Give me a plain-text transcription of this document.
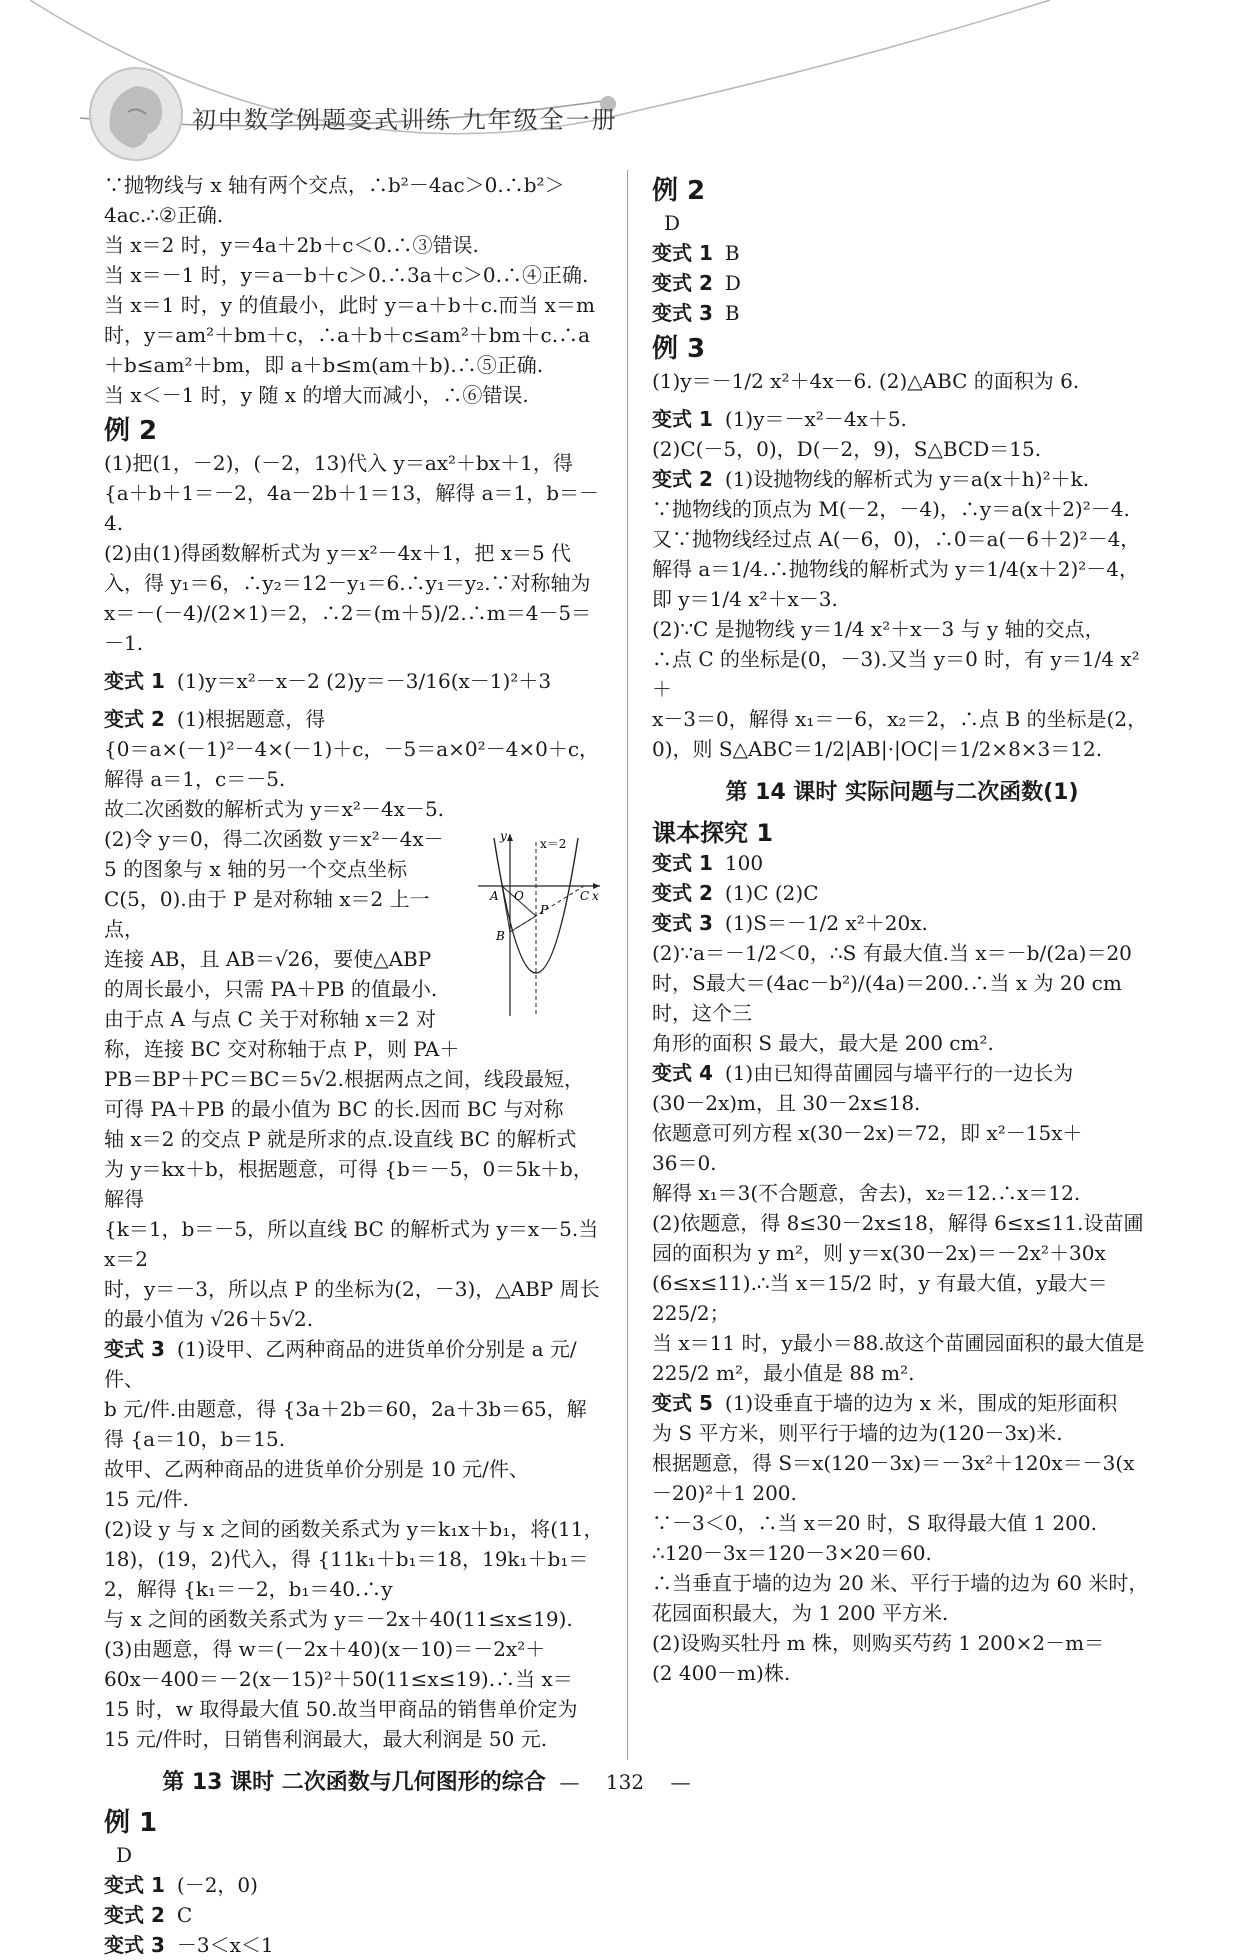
初中数学例题变式训练 九年级全一册
∵抛物线与 x 轴有两个交点，∴b²－4ac＞0.∴b²＞
4ac.∴②正确.
当 x＝2 时，y＝4a＋2b＋c＜0.∴③错误.
当 x＝－1 时，y＝a－b＋c＞0.∴3a＋c＞0.∴④正确.
当 x＝1 时，y 的值最小，此时 y＝a＋b＋c.而当 x＝m
时，y＝am²＋bm＋c，∴a＋b＋c≤am²＋bm＋c.∴a
＋b≤am²＋bm，即 a＋b≤m(am＋b).∴⑤正确.
当 x＜－1 时，y 随 x 的增大而减小，∴⑥错误.
例 2
(1)把(1，－2)，(－2，13)代入 y＝ax²＋bx＋1，得
{a＋b＋1＝－2，4a－2b＋1＝13，解得 a＝1，b＝－4.
(2)由(1)得函数解析式为 y＝x²－4x＋1，把 x＝5 代
入，得 y₁＝6，∴y₂＝12－y₁＝6.∴y₁＝y₂.∵对称轴为
x＝－(－4)/(2×1)＝2，∴2＝(m＋5)/2.∴m＝4－5＝－1.
变式 1 (1)y＝x²－x－2 (2)y＝－3/16(x－1)²＋3
变式 2 (1)根据题意，得
{0＝a×(－1)²－4×(－1)＋c，－5＝a×0²－4×0＋c，解得 a＝1，c＝－5.
故二次函数的解析式为 y＝x²－4x－5.
y
x＝2
A O	C x
P
B
(2)令 y＝0，得二次函数 y＝x²－4x－
5 的图象与 x 轴的另一个交点坐标
C(5，0).由于 P 是对称轴 x＝2 上一点，
连接 AB，且 AB＝√26，要使△ABP
的周长最小，只需 PA＋PB 的值最小.
由于点 A 与点 C 关于对称轴 x＝2 对
称，连接 BC 交对称轴于点 P，则 PA＋
PB＝BP＋PC＝BC＝5√2.根据两点之间，线段最短，
可得 PA＋PB 的最小值为 BC 的长.因而 BC 与对称
轴 x＝2 的交点 P 就是所求的点.设直线 BC 的解析式
为 y＝kx＋b，根据题意，可得 {b＝－5，0＝5k＋b，解得
{k＝1，b＝－5，所以直线 BC 的解析式为 y＝x－5.当 x＝2
时，y＝－3，所以点 P 的坐标为(2，－3)，△ABP 周长
的最小值为 √26＋5√2.
变式 3 (1)设甲、乙两种商品的进货单价分别是 a 元/件、
b 元/件.由题意，得 {3a＋2b＝60，2a＋3b＝65，解得 {a＝10，b＝15.
故甲、乙两种商品的进货单价分别是 10 元/件、
15 元/件.
(2)设 y 与 x 之间的函数关系式为 y＝k₁x＋b₁，将(11，
18)，(19，2)代入，得 {11k₁＋b₁＝18，19k₁＋b₁＝2，解得 {k₁＝－2，b₁＝40.∴y
与 x 之间的函数关系式为 y＝－2x＋40(11≤x≤19).
(3)由题意，得 w＝(－2x＋40)(x－10)＝－2x²＋
60x－400＝－2(x－15)²＋50(11≤x≤19).∴当 x＝
15 时，w 取得最大值 50.故当甲商品的销售单价定为
15 元/件时，日销售利润最大，最大利润是 50 元.
第 13 课时 二次函数与几何图形的综合
例 1
D
变式 1 (－2，0)
变式 2 C
变式 3 －3＜x＜1
例 2
D
变式 1 B
变式 2 D
变式 3 B
例 3
(1)y＝－1/2 x²＋4x－6. (2)△ABC 的面积为 6.
变式 1 (1)y＝－x²－4x＋5.
(2)C(－5，0)，D(－2，9)，S△BCD＝15.
变式 2 (1)设抛物线的解析式为 y＝a(x＋h)²＋k.
∵抛物线的顶点为 M(－2，－4)，∴y＝a(x＋2)²－4.
又∵抛物线经过点 A(－6，0)，∴0＝a(－6＋2)²－4，
解得 a＝1/4.∴抛物线的解析式为 y＝1/4(x＋2)²－4，
即 y＝1/4 x²＋x－3.
(2)∵C 是抛物线 y＝1/4 x²＋x－3 与 y 轴的交点，
∴点 C 的坐标是(0，－3).又当 y＝0 时，有 y＝1/4 x²＋
x－3＝0，解得 x₁＝－6，x₂＝2，∴点 B 的坐标是(2，
0)，则 S△ABC＝1/2|AB|·|OC|＝1/2×8×3＝12.
第 14 课时 实际问题与二次函数(1)
课本探究 1
变式 1 100
变式 2 (1)C (2)C
变式 3 (1)S＝－1/2 x²＋20x.
(2)∵a＝－1/2＜0，∴S 有最大值.当 x＝－b/(2a)＝20
时，S最大＝(4ac－b²)/(4a)＝200.∴当 x 为 20 cm 时，这个三
角形的面积 S 最大，最大是 200 cm².
变式 4 (1)由已知得苗圃园与墙平行的一边长为
(30－2x)m，且 30－2x≤18.
依题意可列方程 x(30－2x)＝72，即 x²－15x＋
36＝0.
解得 x₁＝3(不合题意，舍去)，x₂＝12.∴x＝12.
(2)依题意，得 8≤30－2x≤18，解得 6≤x≤11.设苗圃
园的面积为 y m²，则 y＝x(30－2x)＝－2x²＋30x
(6≤x≤11).∴当 x＝15/2 时，y 有最大值，y最大＝225/2；
当 x＝11 时，y最小＝88.故这个苗圃园面积的最大值是
225/2 m²，最小值是 88 m².
变式 5 (1)设垂直于墙的边为 x 米，围成的矩形面积
为 S 平方米，则平行于墙的边为(120－3x)米.
根据题意，得 S＝x(120－3x)＝－3x²＋120x＝－3(x
－20)²＋1 200.
∵－3＜0，∴当 x＝20 时，S 取得最大值 1 200.
∴120－3x＝120－3×20＝60.
∴当垂直于墙的边为 20 米、平行于墙的边为 60 米时，
花园面积最大，为 1 200 平方米.
(2)设购买牡丹 m 株，则购买芍药 1 200×2－m＝
(2 400－m)株.
— 132 —
